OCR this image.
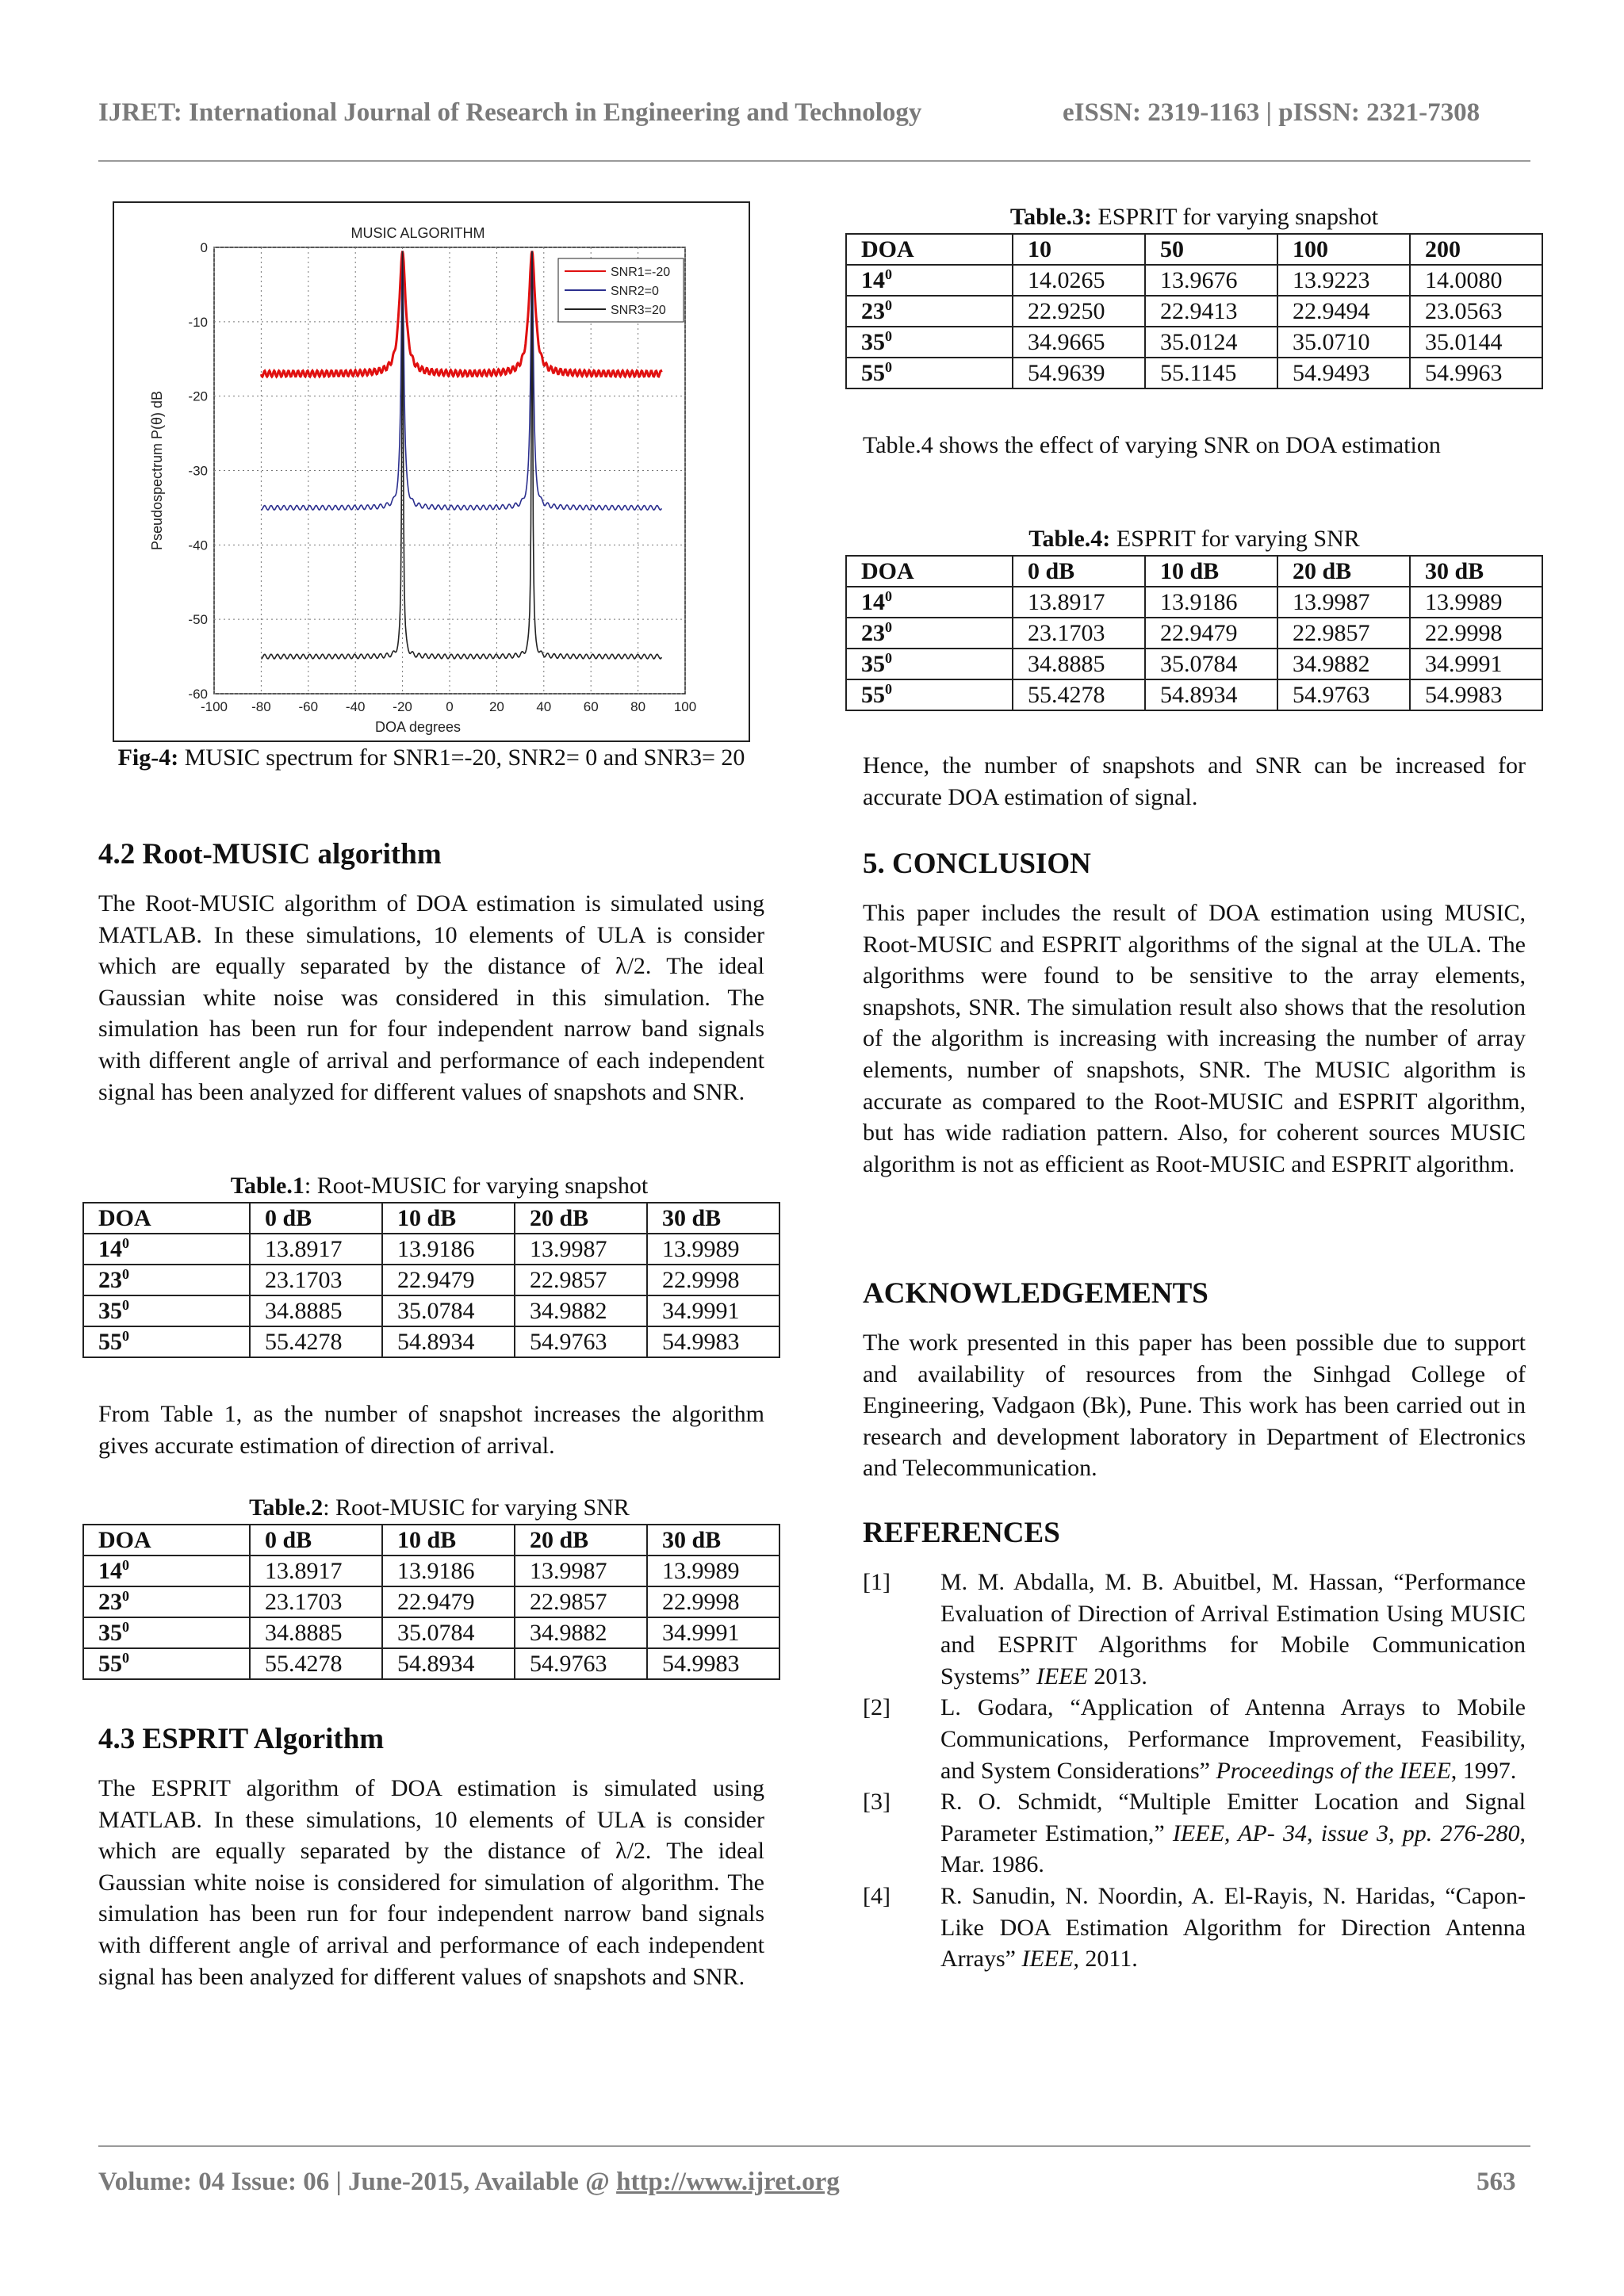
IJRET: International Journal of Research in Engineering and Technology	eISSN: 2319-1163 | pISSN: 2321-7308
-100 -80 -60 -40 -20 0	20 40 60 80 100
0
-10
-20
-30
-40
-50
-60
MUSIC ALGORITHM
DOA degrees
Pseudospectrum P(θ) dB
SNR1=-20
SNR2=0
SNR3=20
Fig-4: MUSIC spectrum for SNR1=-20, SNR2= 0 and SNR3= 20
4.2 Root-MUSIC algorithm
The Root-MUSIC algorithm of DOA estimation is simulated using MATLAB. In these simulations, 10 elements of ULA is consider which are equally separated by the distance of λ/2. The ideal Gaussian white noise was considered in this simulation. The simulation has been run for four independent narrow band signals with different angle of arrival and performance of each independent signal has been analyzed for different values of snapshots and SNR.
Table.1: Root-MUSIC for varying snapshot
DOA	0 dB	10 dB	20 dB	30 dB
$14^0$	13.8917	13.9186	13.9987	13.9989
$23^0$	23.1703	22.9479	22.9857	22.9998
$35^0$	34.8885	35.0784	34.9882	34.9991
$55^0$	55.4278	54.8934	54.9763	54.9983
From Table 1, as the number of snapshot increases the algorithm gives accurate estimation of direction of arrival.
Table.2: Root-MUSIC for varying SNR
DOA	0 dB	10 dB	20 dB	30 dB
$14^0$	13.8917	13.9186	13.9987	13.9989
$23^0$	23.1703	22.9479	22.9857	22.9998
$35^0$	34.8885	35.0784	34.9882	34.9991
$55^0$	55.4278	54.8934	54.9763	54.9983
4.3 ESPRIT Algorithm
The ESPRIT algorithm of DOA estimation is simulated using MATLAB. In these simulations, 10 elements of ULA is consider which are equally separated by the distance of λ/2. The ideal Gaussian white noise is considered for simulation of algorithm. The simulation has been run for four independent narrow band signals with different angle of arrival and performance of each independent signal has been analyzed for different values of snapshots and SNR.
Table.3: ESPRIT for varying snapshot
DOA	10	50	100	200
$14^0$	14.0265	13.9676	13.9223	14.0080
$23^0$	22.9250	22.9413	22.9494	23.0563
$35^0$	34.9665	35.0124	35.0710	35.0144
$55^0$	54.9639	55.1145	54.9493	54.9963
Table.4 shows the effect of varying SNR on DOA estimation
Table.4: ESPRIT for varying SNR
DOA	0 dB	10 dB	20 dB	30 dB
$14^0$	13.8917	13.9186	13.9987	13.9989
$23^0$	23.1703	22.9479	22.9857	22.9998
$35^0$	34.8885	35.0784	34.9882	34.9991
$55^0$	55.4278	54.8934	54.9763	54.9983
Hence, the number of snapshots and SNR can be increased for accurate DOA estimation of signal.
5. CONCLUSION
This paper includes the result of DOA estimation using MUSIC, Root-MUSIC and ESPRIT algorithms of the signal at the ULA. The algorithms were found to be sensitive to the array elements, snapshots, SNR. The simulation result also shows that the resolution of the algorithm is increasing with increasing the number of array elements, number of snapshots, SNR. The MUSIC algorithm is accurate as compared to the Root-MUSIC and ESPRIT algorithm, but has wide radiation pattern. Also, for coherent sources MUSIC algorithm is not as efficient as Root-MUSIC and ESPRIT algorithm.
ACKNOWLEDGEMENTS
The work presented in this paper has been possible due to support and availability of resources from the Sinhgad College of Engineering, Vadgaon (Bk), Pune. This work has been carried out in research and development laboratory in Department of Electronics and Telecommunication.
REFERENCES
[1] M. M. Abdalla, M. B. Abuitbel, M. Hassan, “Performance Evaluation of Direction of Arrival Estimation Using MUSIC and ESPRIT Algorithms for Mobile Communication Systems” IEEE 2013.
[2] L. Godara, “Application of Antenna Arrays to Mobile Communications, Performance Improvement, Feasibility, and System Considerations” Proceedings of the IEEE, 1997.
[3] R. O. Schmidt, “Multiple Emitter Location and Signal Parameter Estimation,” IEEE, AP- 34, issue 3, pp. 276-280, Mar. 1986.
[4] R. Sanudin, N. Noordin, A. El-Rayis, N. Haridas, “Capon-Like DOA Estimation Algorithm for Direction Antenna Arrays” IEEE, 2011.
Volume: 04 Issue: 06 | June-2015, Available @ http://www.ijret.org	563
